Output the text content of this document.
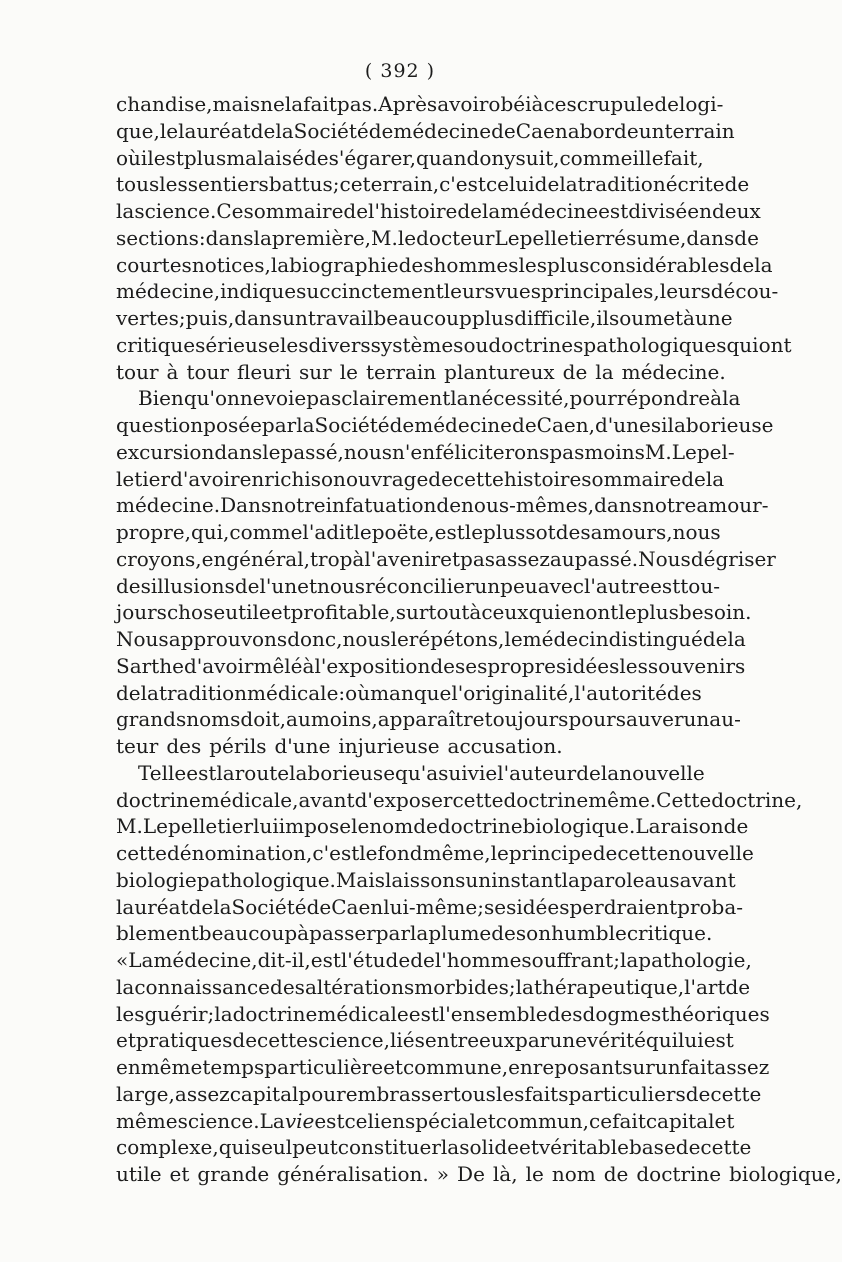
( 392 )
chandise, mais ne la fait pas. Après avoir obéi à ce scrupule de logi-
que, le lauréat de la Société de médecine de Caen aborde un terrain
où il est plus malaisé de s'égarer, quand on y suit, comme il le fait,
tous les sentiers battus; ce terrain, c'est celui de la tradition écrite de
la science. Ce sommaire de l'histoire de la médecine est divisé en deux
sections : dans la première, M. le docteur Lepelletier résume, dans de
courtes notices, la biographie des hommes les plus considérables de la
médecine, indique succinctement leurs vues principales, leurs décou-
vertes; puis, dans un travail beaucoup plus difficile, il soumet à une
critique sérieuse les divers systèmes ou doctrines pathologiques qui ont
tour à tour fleuri sur le terrain plantureux de la médecine.
Bien qu'on ne voie pas clairement la nécessité, pour répondre à la
question posée par la Société de médecine de Caen, d'une si laborieuse
excursion dans le passé, nous n'en féliciterons pas moins M. Lepel-
letier d'avoir enrichi son ouvrage de cette histoire sommaire de la
médecine. Dans notre infatuation de nous-mêmes, dans notre amour-
propre, qui, comme l'a dit le poëte, est le plus sot des amours, nous
croyons, en général, trop à l'avenir et pas assez au passé. Nous dégriser
des illusions de l'un et nous réconcilier un peu avec l'autre est tou-
jours chose utile et profitable, surtout à ceux qui en ont le plus besoin.
Nous approuvons donc, nous le répétons, le médecin distingué de la
Sarthe d'avoir mêlé à l'exposition de ses propres idées les souvenirs
de la tradition médicale : où manque l'originalité, l'autorité des
grands noms doit, au moins, apparaître toujours pour sauver un au-
teur des périls d'une injurieuse accusation.
Telle est la route laborieuse qu'a suivie l'auteur de la nouvelle
doctrine médicale, avant d'exposer cette doctrine même. Cette doctrine,
M. Lepelletier lui impose le nom de doctrine biologique. La raison de
cette dénomination, c'est le fond même, le principe de cette nouvelle
biologie pathologique. Mais laissons un instant la parole au savant
lauréat de la Société de Caen lui-même ; ses idées perdraient proba-
blement beaucoup à passer par la plume de son humble critique.
« La médecine, dit-il, est l'étude de l'homme souffrant; la pathologie,
la connaissance des altérations morbides ; la thérapeutique, l'art de
les guérir ; la doctrine médicale est l'ensemble des dogmes théoriques
et pratiques de cette science, liés entre eux par une vérité qui lui est
en même temps particulière et commune, en reposant sur un fait assez
large, assez capital pour embrasser tous les faits particuliers de cette
même science. La vie est ce lien spécial et commun, ce fait capital et
complexe, qui seul peut constituer la solide et véritable base de cette
utile et grande généralisation. » De là, le nom de doctrine biologique,
